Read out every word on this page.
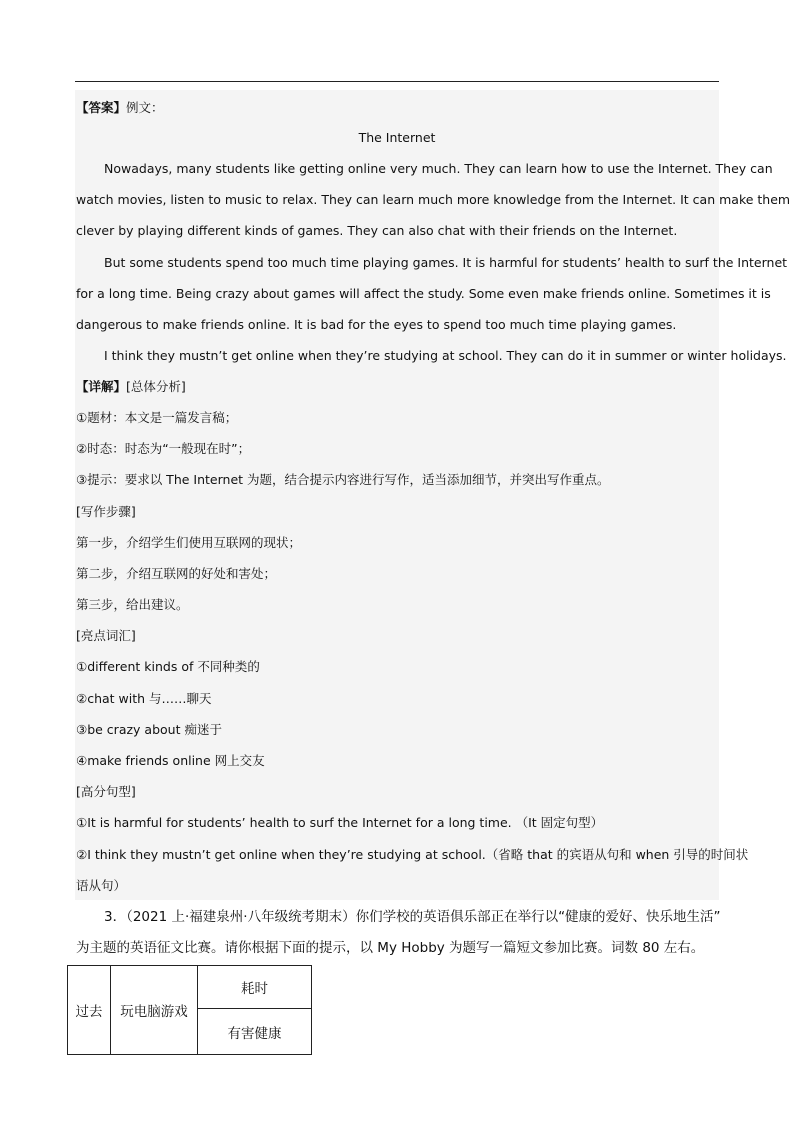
【答案】例文：
The Internet
Nowadays, many students like getting online very much. They can learn how to use the Internet. They can
watch movies, listen to music to relax. They can learn much more knowledge from the Internet. It can make them
clever by playing different kinds of games. They can also chat with their friends on the Internet.
But some students spend too much time playing games. It is harmful for students’ health to surf the Internet
for a long time. Being crazy about games will affect the study. Some even make friends online. Sometimes it is
dangerous to make friends online. It is bad for the eyes to spend too much time playing games.
I think they mustn’t get online when they’re studying at school. They can do it in summer or winter holidays.
【详解】[总体分析]
①题材：本文是一篇发言稿；
②时态：时态为“一般现在时”；
③提示：要求以 The Internet 为题，结合提示内容进行写作，适当添加细节，并突出写作重点。
[写作步骤]
第一步，介绍学生们使用互联网的现状；
第二步，介绍互联网的好处和害处；
第三步，给出建议。
[亮点词汇]
①different kinds of 不同种类的
②chat with 与……聊天
③be crazy about 痴迷于
④make friends online 网上交友
[高分句型]
①It is harmful for students’ health to surf the Internet for a long time. （It 固定句型）
②I think they mustn’t get online when they’re studying at school.（省略 that 的宾语从句和 when 引导的时间状
语从句）
3．（2021 上·福建泉州·八年级统考期末）你们学校的英语俱乐部正在举行以“健康的爱好、快乐地生活”
为主题的英语征文比赛。请你根据下面的提示，以 My Hobby 为题写一篇短文参加比赛。词数 80 左右。
过去	玩电脑游戏	耗时
有害健康
